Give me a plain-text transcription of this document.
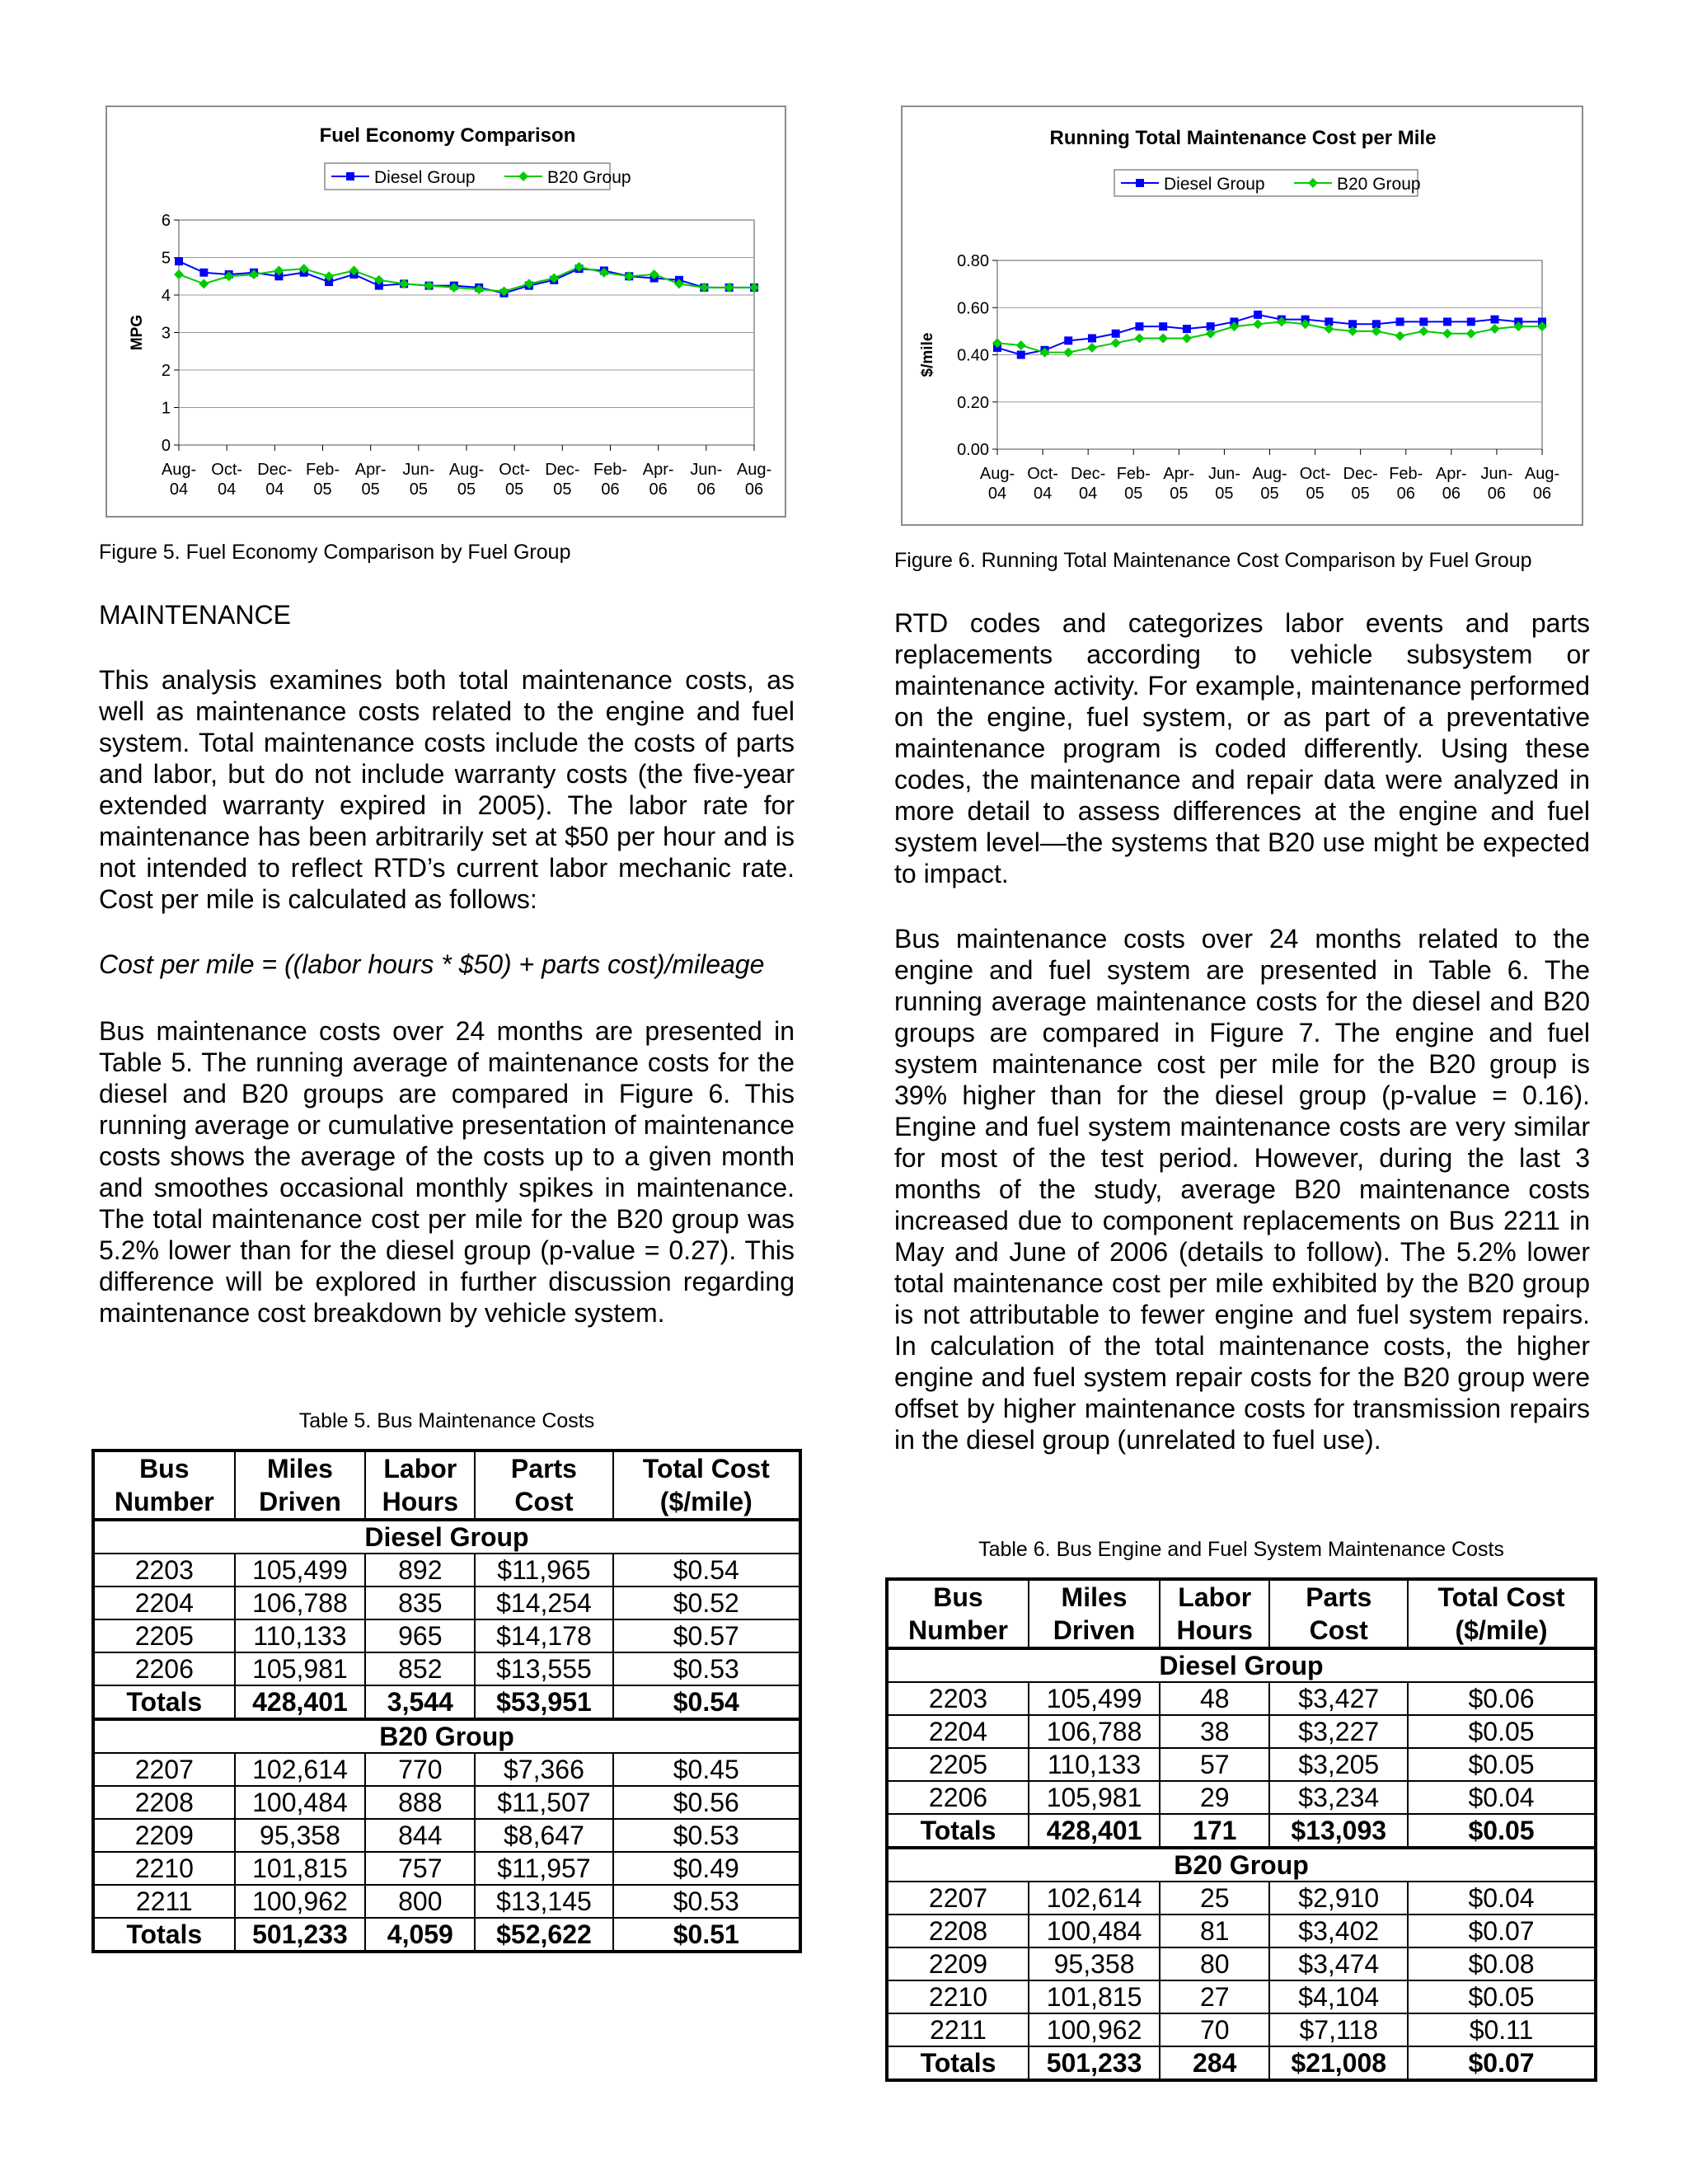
Fuel Economy Comparison
Diesel Group	B20 Group
0
1
2
3
4
5
6
MPG
Aug-
04
Oct-
04
Dec-
04
Feb-
05
Apr-
05
Jun-
05
Aug-
05
Oct-
05
Dec-
05
Feb-
06
Apr-
06
Jun-
06
Aug-
06
Figure 5. Fuel Economy Comparison by Fuel Group
Running Total Maintenance Cost per Mile
Diesel Group	B20 Group
0.00
0.20
0.40
0.60
0.80
$/mile
Aug-
04
Oct-
04
Dec-
04
Feb-
05
Apr-
05
Jun-
05
Aug-
05
Oct-
05
Dec-
05
Feb-
06
Apr-
06
Jun-
06
Aug-
06
Figure 6. Running Total Maintenance Cost Comparison by Fuel Group
MAINTENANCE

This analysis examines both total maintenance costs, as well as maintenance costs related to the engine and fuel system. Total maintenance costs include the costs of parts and labor, but do not include warranty costs (the five-year extended warranty expired in 2005). The labor rate for maintenance has been arbitrarily set at $50 per hour and is not intended to reflect RTD’s current labor mechanic rate. Cost per mile is calculated as follows:

Cost per mile = ((labor hours * $50) + parts cost)/mileage

Bus maintenance costs over 24 months are presented in Table 5. The running average of maintenance costs for the diesel and B20 groups are compared in Figure 6. This running average or cumulative presentation of maintenance costs shows the average of the costs up to a given month and smoothes occasional monthly spikes in maintenance. The total maintenance cost per mile for the B20 group was 5.2% lower than for the diesel group (p-value = 0.27). This difference will be explored in further discussion regarding maintenance cost breakdown by vehicle system.

RTD codes and categorizes labor events and parts replacements according to vehicle subsystem or maintenance activity. For example, maintenance performed on the engine, fuel system, or as part of a preventative maintenance program is coded differently. Using these codes, the maintenance and repair data were analyzed in more detail to assess differences at the engine and fuel system level—the systems that B20 use might be expected to impact.

Bus maintenance costs over 24 months related to the engine and fuel system are presented in Table 6. The running average maintenance costs for the diesel and B20 groups are compared in Figure 7. The engine and fuel system maintenance cost per mile for the B20 group is 39% higher than for the diesel group (p-value = 0.16). Engine and fuel system maintenance costs are very similar for most of the test period. However, during the last 3 months of the study, average B20 maintenance costs increased due to component replacements on Bus 2211 in May and June of 2006 (details to follow). The 5.2% lower total maintenance cost per mile exhibited by the B20 group is not attributable to fewer engine and fuel system repairs. In calculation of the total maintenance costs, the higher engine and fuel system repair costs for the B20 group were offset by higher maintenance costs for transmission repairs in the diesel group (unrelated to fuel use).

Table 5. Bus Maintenance Costs
Bus Number	Miles Driven	Labor Hours	Parts Cost	Total Cost ($/mile)
Diesel Group				
2203	105,499	892	$11,965	$0.54
2204	106,788	835	$14,254	$0.52
2205	110,133	965	$14,178	$0.57
2206	105,981	852	$13,555	$0.53
Totals	428,401	3,544	$53,951	$0.54
B20 Group				
2207	102,614	770	$7,366	$0.45
2208	100,484	888	$11,507	$0.56
2209	95,358	844	$8,647	$0.53
2210	101,815	757	$11,957	$0.49
2211	100,962	800	$13,145	$0.53
Totals	501,233	4,059	$52,622	$0.51
Table 6. Bus Engine and Fuel System Maintenance Costs
Bus Number	Miles Driven	Labor Hours	Parts Cost	Total Cost ($/mile)
Diesel Group				
2203	105,499	48	$3,427	$0.06
2204	106,788	38	$3,227	$0.05
2205	110,133	57	$3,205	$0.05
2206	105,981	29	$3,234	$0.04
Totals	428,401	171	$13,093	$0.05
B20 Group				
2207	102,614	25	$2,910	$0.04
2208	100,484	81	$3,402	$0.07
2209	95,358	80	$3,474	$0.08
2210	101,815	27	$4,104	$0.05
2211	100,962	70	$7,118	$0.11
Totals	501,233	284	$21,008	$0.07
